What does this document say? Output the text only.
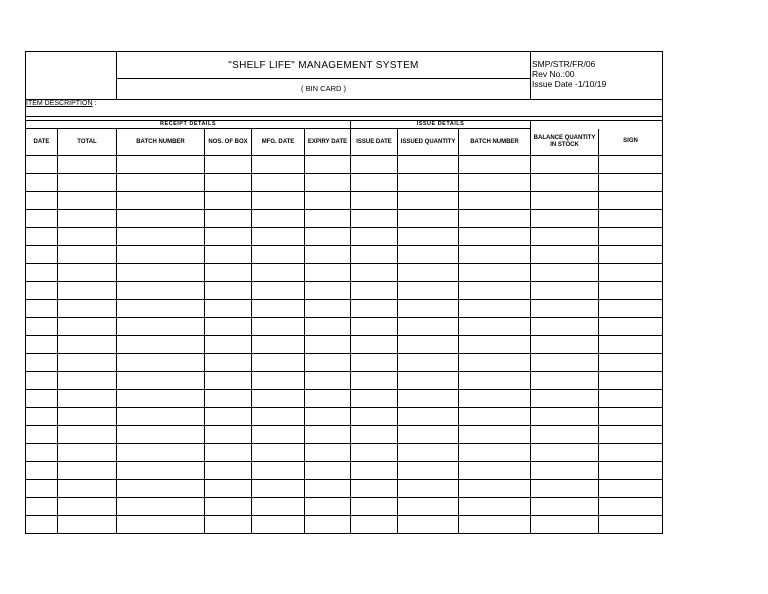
		"SHELF LIFE" MANAGEMENT SYSTEM							SMP/STR/FR/06
Rev No.:00
Issue Date -1/10/19	

		( BIN CARD )								
ITEM DESCRIPTION :										

RECEIPT DETAILS						ISSUE DETAILS				
DATE	TOTAL	BATCH NUMBER	NOS. OF BOX	MFG. DATE	EXPIRY DATE	ISSUE DATE	ISSUED QUANTITY	BATCH NUMBER	BALANCE QUANTITY IN STOCK	SIGN
